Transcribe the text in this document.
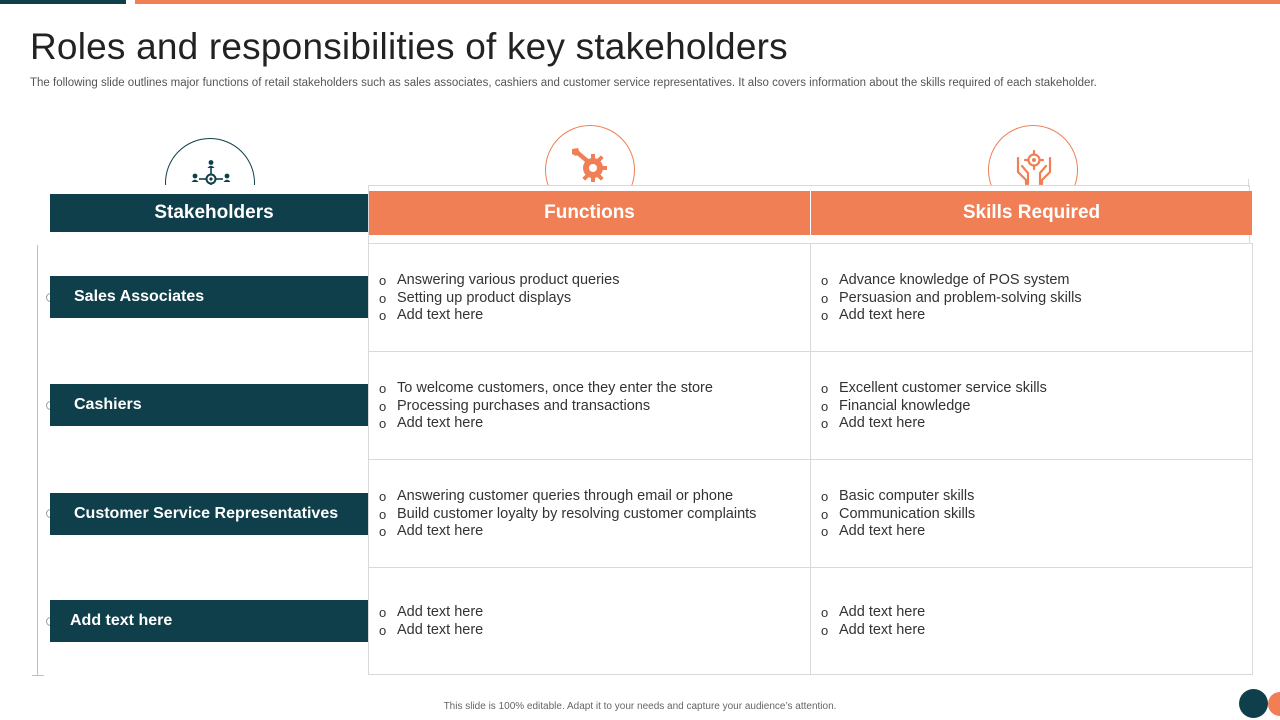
Roles and responsibilities of key stakeholders

The following slide outlines major functions of retail stakeholders such as sales associates, cashiers and customer service representatives. It also covers information about the skills required of each stakeholder.

Stakeholders	Functions	Skills Required
Sales Associates
Cashiers
Customer Service Representatives
Add text here
o Answering various product queries
o Setting up product displays
o Add text here
o Advance knowledge of POS system
o Persuasion and problem-solving skills
o Add text here
o To welcome customers, once they enter the store
o Processing purchases and transactions
o Add text here
o Excellent customer service skills
o Financial knowledge
o Add text here
o Answering customer queries through email or phone
o Build customer loyalty by resolving customer complaints
o Add text here
o Basic computer skills
o Communication skills
o Add text here
o Add text here
o Add text here
o Add text here
o Add text here
This slide is 100% editable. Adapt it to your needs and capture your audience’s attention.
